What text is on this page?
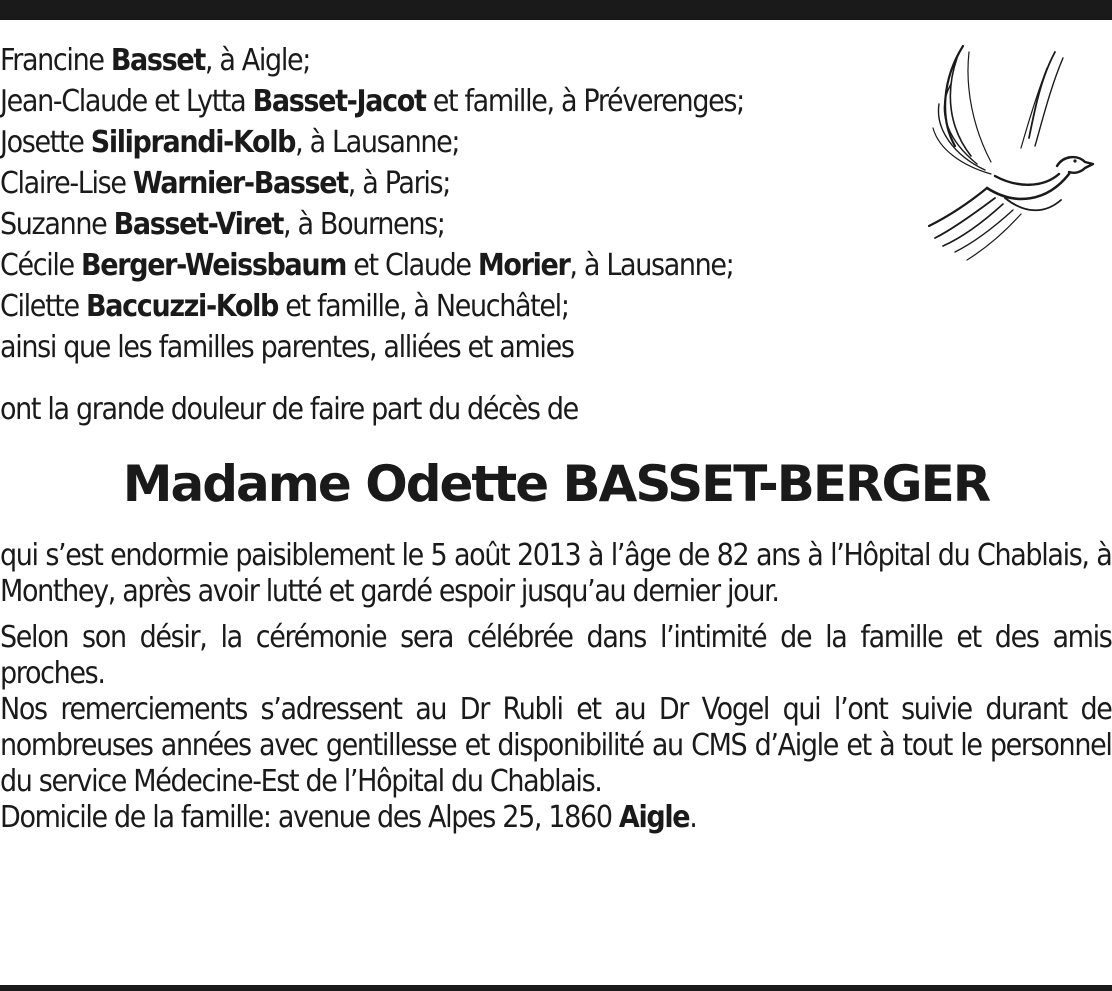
Francine Basset, à Aigle;
Jean-Claude et Lytta Basset-Jacot et famille, à Préverenges;
Josette Siliprandi-Kolb, à Lausanne;
Claire-Lise Warnier-Basset, à Paris;
Suzanne Basset-Viret, à Bournens;
Cécile Berger-Weissbaum et Claude Morier, à Lausanne;
Cilette Baccuzzi-Kolb et famille, à Neuchâtel;
ainsi que les familles parentes, alliées et amies
ont la grande douleur de faire part du décès de
Madame Odette BASSET-BERGER

qui s’est endormie paisiblement le 5 août 2013 à l’âge de 82 ans à l’Hôpital du Chablais, à Monthey, après avoir lutté et gardé espoir jusqu’au dernier jour.

Selon son désir, la cérémonie sera célébrée dans l’intimité de la famille et des amis proches.

Nos remerciements s’adressent au Dr Rubli et au Dr Vogel qui l’ont suivie durant de nombreuses années avec gentillesse et disponibilité au CMS d’Aigle et à tout le personnel du service Médecine-Est de l’Hôpital du Chablais.

Domicile de la famille: avenue des Alpes 25, 1860 Aigle.
